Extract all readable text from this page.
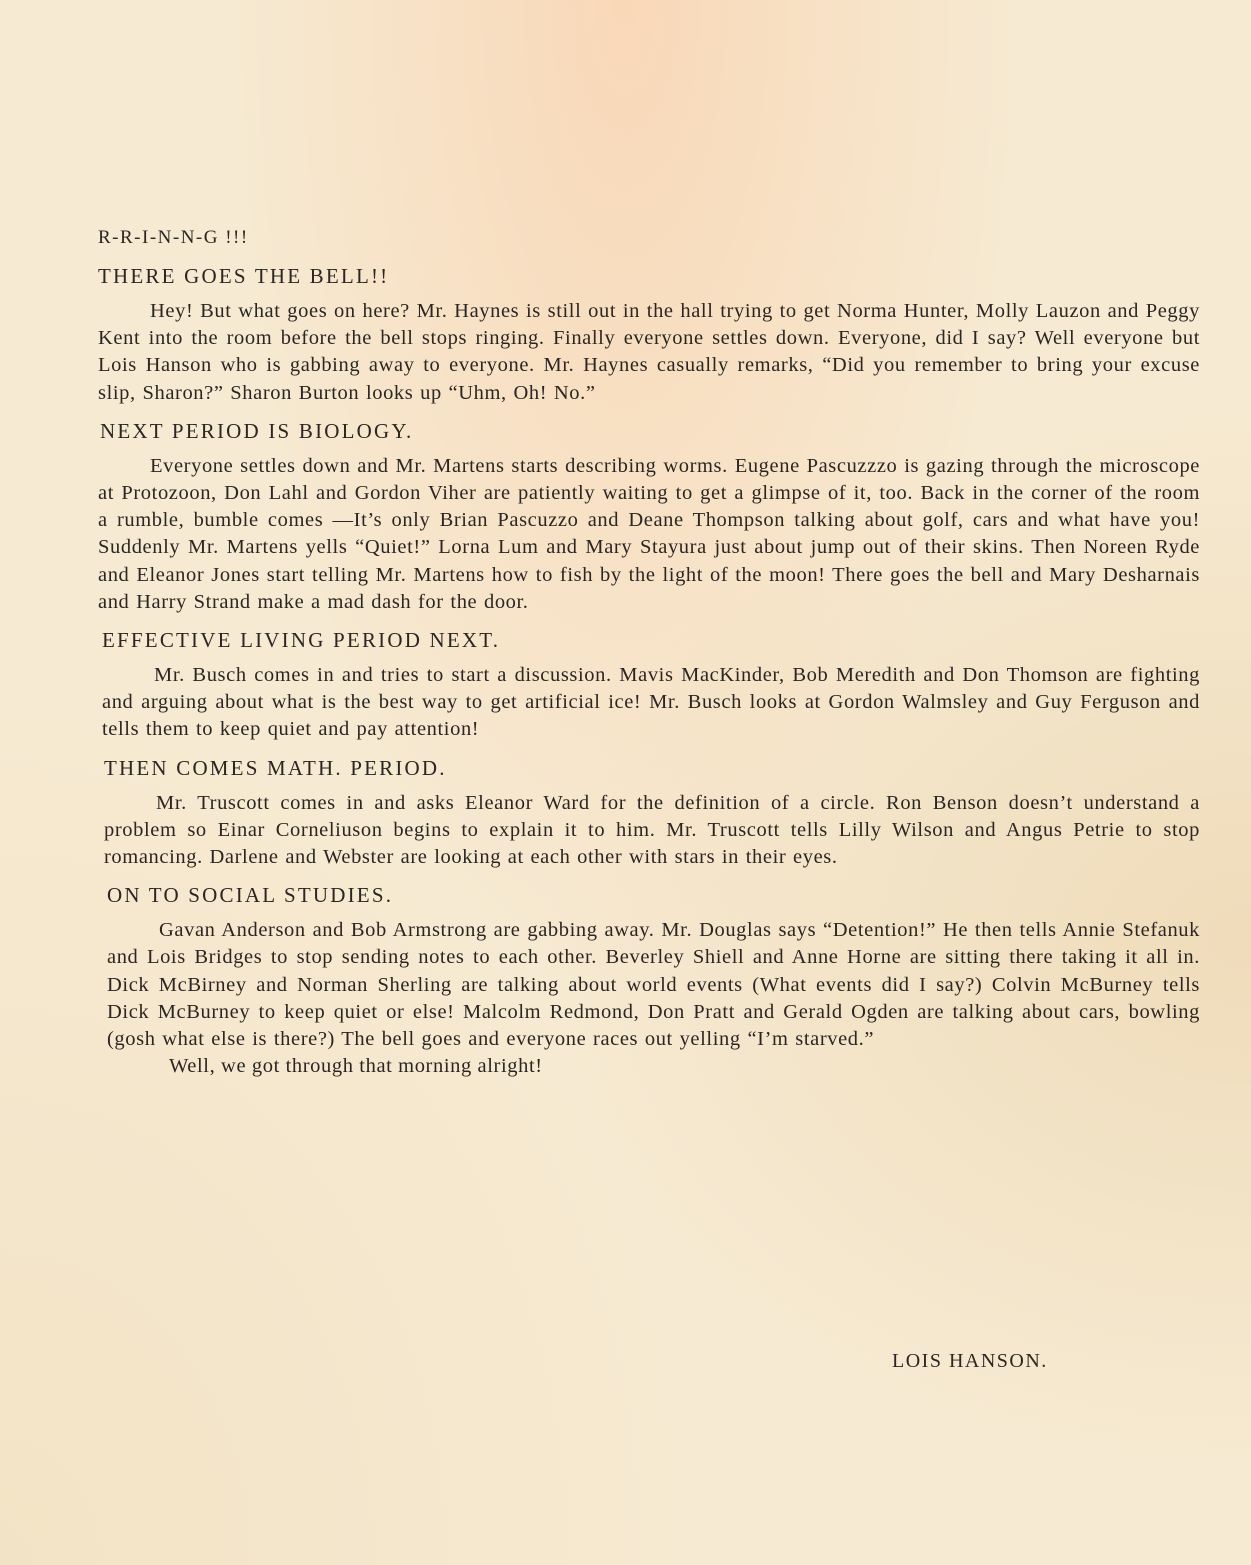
R-R-I-N-N-G !!!

THERE GOES THE BELL!!

Hey! But what goes on here? Mr. Haynes is still out in the hall trying to get Norma Hunter, Molly Lauzon and Peggy Kent into the room before the bell stops ringing. Finally everyone settles down. Everyone, did I say? Well everyone but Lois Hanson who is gabbing away to everyone. Mr. Haynes casually remarks, “Did you remember to bring your excuse slip, Sharon?” Sharon Burton looks up “Uhm, Oh! No.”

NEXT PERIOD IS BIOLOGY.

Everyone settles down and Mr. Martens starts describing worms. Eugene Pascuzzzo is gazing through the microscope at Protozoon, Don Lahl and Gordon Viher are patiently waiting to get a glimpse of it, too. Back in the corner of the room a rumble, bumble comes —It’s only Brian Pascuzzo and Deane Thompson talking about golf, cars and what have you! Suddenly Mr. Martens yells “Quiet!” Lorna Lum and Mary Stayura just about jump out of their skins. Then Noreen Ryde and Eleanor Jones start telling Mr. Martens how to fish by the light of the moon! There goes the bell and Mary Desharnais and Harry Strand make a mad dash for the door.

EFFECTIVE LIVING PERIOD NEXT.

Mr. Busch comes in and tries to start a discussion. Mavis MacKinder, Bob Meredith and Don Thomson are fighting and arguing about what is the best way to get artificial ice! Mr. Busch looks at Gordon Walmsley and Guy Ferguson and tells them to keep quiet and pay attention!

THEN COMES MATH. PERIOD.

Mr. Truscott comes in and asks Eleanor Ward for the definition of a circle. Ron Benson doesn’t understand a problem so Einar Corneliuson begins to explain it to him. Mr. Truscott tells Lilly Wilson and Angus Petrie to stop romancing. Darlene and Webster are looking at each other with stars in their eyes.

ON TO SOCIAL STUDIES.

Gavan Anderson and Bob Armstrong are gabbing away. Mr. Douglas says “Detention!” He then tells Annie Stefanuk and Lois Bridges to stop sending notes to each other. Beverley Shiell and Anne Horne are sitting there taking it all in. Dick McBirney and Norman Sherling are talking about world events (What events did I say?) Colvin McBurney tells Dick McBurney to keep quiet or else! Malcolm Redmond, Don Pratt and Gerald Ogden are talking about cars, bowling (gosh what else is there?) The bell goes and everyone races out yelling “I’m starved.”

Well, we got through that morning alright!

LOIS HANSON.
